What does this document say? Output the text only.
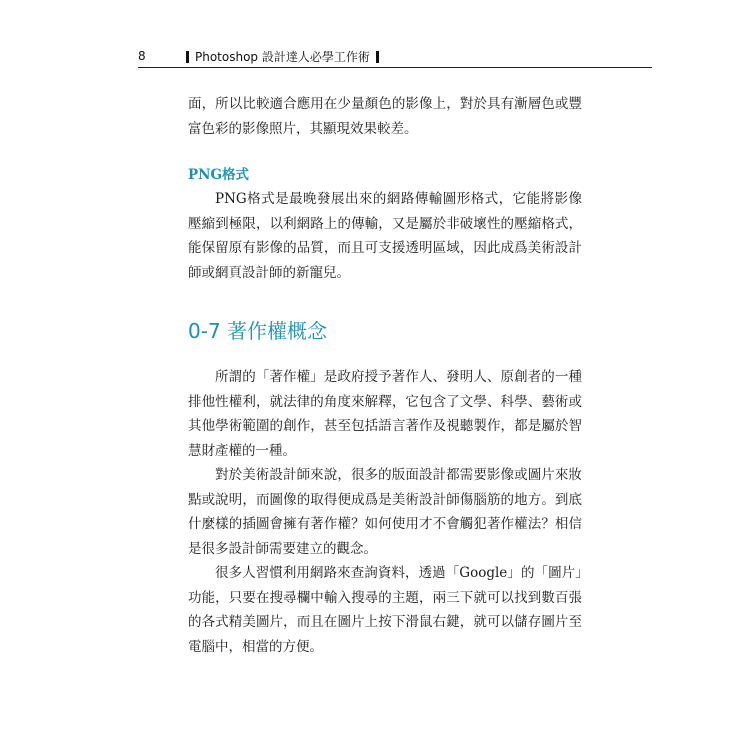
8	Photoshop 設計達人必學工作術

面，所以比較適合應用在少量顏色的影像上，對於具有漸層色或豐富色彩的影像照片，其顯現效果較差。

PNG格式

PNG格式是最晚發展出來的網路傳輸圖形格式，它能將影像壓縮到極限，以利網路上的傳輸，又是屬於非破壞性的壓縮格式，能保留原有影像的品質，而且可支援透明區域，因此成爲美術設計師或網頁設計師的新寵兒。

0-7 著作權概念

所謂的「著作權」是政府授予著作人、發明人、原創者的一種排他性權利，就法律的角度來解釋，它包含了文學、科學、藝術或其他學術範圍的創作，甚至包括語言著作及視聽製作，都是屬於智慧財產權的一種。

對於美術設計師來說，很多的版面設計都需要影像或圖片來妝點或說明，而圖像的取得便成爲是美術設計師傷腦筋的地方。到底什麼樣的插圖會擁有著作權？如何使用才不會觸犯著作權法？相信是很多設計師需要建立的觀念。

很多人習慣利用網路來查詢資料，透過「Google」的「圖片」功能，只要在搜尋欄中輸入搜尋的主題，兩三下就可以找到數百張的各式精美圖片，而且在圖片上按下滑鼠右鍵，就可以儲存圖片至電腦中，相當的方便。
